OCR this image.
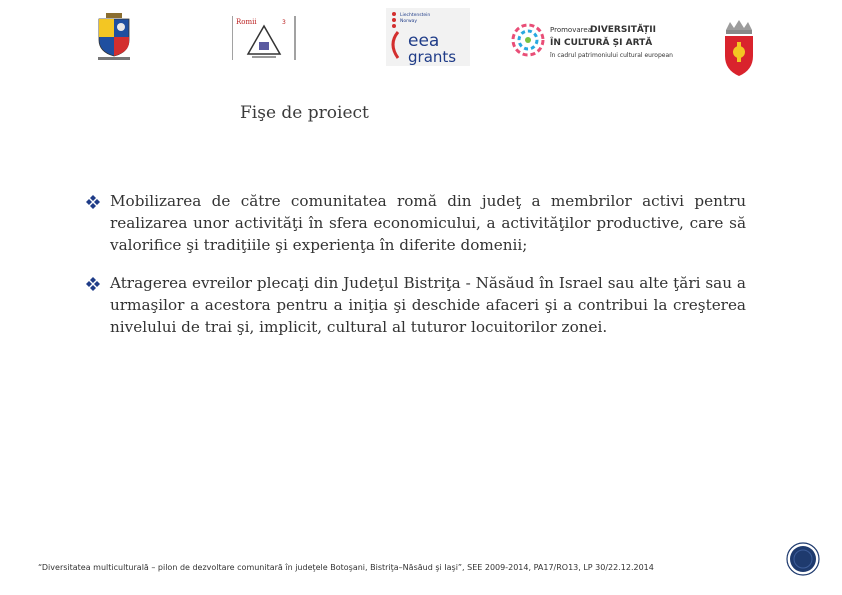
Romii	3
Liechtenstein
Norway
eea
grants
Promovarea
DIVERSITĂȚII
ÎN CULTURĂ ȘI ARTĂ
în cadrul patrimoniului cultural european
Fişe de proiect
Mobilizarea de către comunitatea romă din judeţ a membrilor activi pentru realizarea unor activităţi în sfera economicului, a activităţilor productive, care să valorifice şi tradiţiile şi experienţa în diferite domenii;
Atragerea evreilor plecaţi din Judeţul Bistriţa - Năsăud în Israel sau alte ţări sau a urmaşilor a acestora pentru a iniţia şi deschide afaceri şi a contribui la creşterea nivelului de trai şi, implicit, cultural al tuturor locuitorilor zonei.
“Diversitatea multiculturală – pilon de dezvoltare comunitară în judeţele Botoşani, Bistriţa–Năsăud şi Iaşi”, SEE 2009-2014, PA17/RO13, LP 30/22.12.2014
